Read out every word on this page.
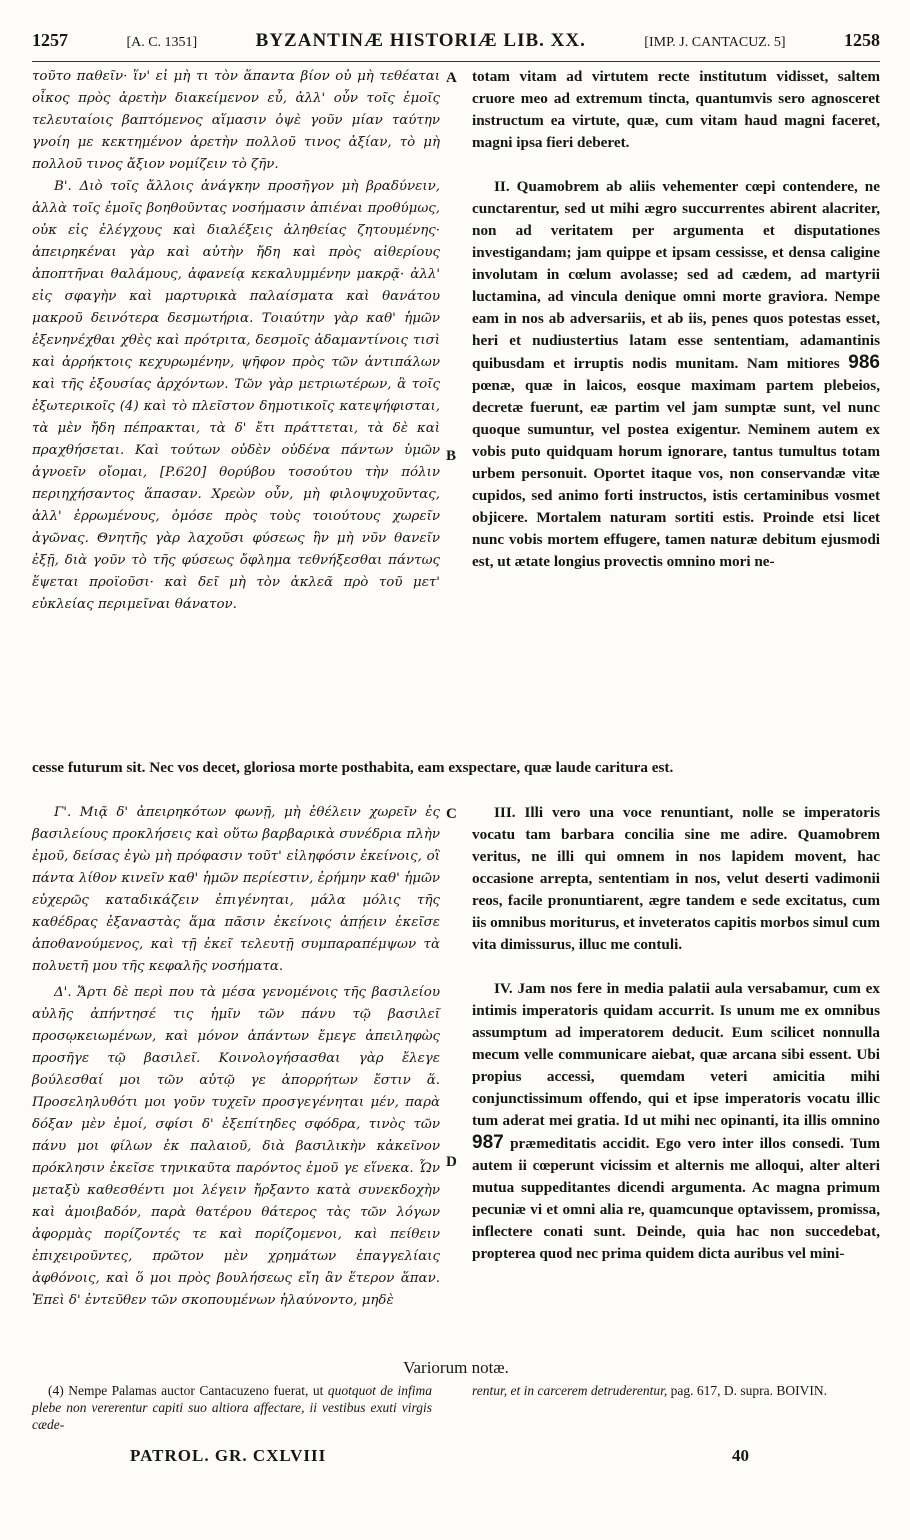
1257	[A. C. 1351]	BYZANTINÆ HISTORIÆ LIB. XX.	[IMP. J. CANTACUZ. 5]	1258

τοῦτο παθεῖν· ἵν' εἰ μὴ τι τὸν ἅπαντα βίον οὐ μὴ τεθέαται οἶκος πρὸς ἀρετὴν διακείμενον εὖ, ἀλλ' οὖν τοῖς ἐμοῖς τελευταίοις βαπτόμενος αἵμασιν ὀψὲ γοῦν μίαν ταύτην γνοίη με κεκτημένον ἀρετὴν πολλοῦ τινος ἀξίαν, τὸ μὴ πολλοῦ τινος ἄξιον νομίζειν τὸ ζῆν.

Β'. Διὸ τοῖς ἄλλοις ἀνάγκην προσῆγον μὴ βραδύνειν, ἀλλὰ τοῖς ἐμοῖς βοηθοῦντας νοσήμασιν ἀπιέναι προθύμως, οὐκ εἰς ἐλέγχους καὶ διαλέξεις ἀληθείας ζητουμένης· ἀπειρηκέναι γὰρ καὶ αὐτὴν ἤδη καὶ πρὸς αἰθερίους ἀποπτῆναι θαλάμους, ἀφανείᾳ κεκαλυμμένην μακρᾷ· ἀλλ' εἰς σφαγὴν καὶ μαρτυρικὰ παλαίσματα καὶ θανάτου μακροῦ δεινότερα δεσμωτήρια. Τοιαύτην γὰρ καθ' ἡμῶν ἐξενηνέχθαι χθὲς καὶ πρότριτα, δεσμοῖς ἀδαμαντίνοις τισὶ καὶ ἀρρήκτοις κεχυρωμένην, ψῆφον πρὸς τῶν ἀντιπάλων καὶ τῆς ἐξουσίας ἀρχόντων. Τῶν γὰρ μετριωτέρων, ἃ τοῖς ἐξωτερικοῖς (4) καὶ τὸ πλεῖστον δημοτικοῖς κατεψήφισται, τὰ μὲν ἤδη πέπρακται, τὰ δ' ἔτι πράττεται, τὰ δὲ καὶ πραχθήσεται. Καὶ τούτων οὐδὲν οὐδένα πάντων ὑμῶν ἀγνοεῖν οἴομαι, [P.620] θορύβου τοσούτου τὴν πόλιν περιηχήσαντος ἅπασαν. Χρεὼν οὖν, μὴ φιλοψυχοῦντας, ἀλλ' ἐρρωμένους, ὁμόσε πρὸς τοὺς τοιούτους χωρεῖν ἀγῶνας. Θνητῆς γὰρ λαχοῦσι φύσεως ἣν μὴ νῦν θανεῖν ἐξῇ, διὰ γοῦν τὸ τῆς φύσεως ὄφλημα τεθνήξεσθαι πάντως ἕψεται προϊοῦσι· καὶ δεῖ μὴ τὸν ἀκλεᾶ πρὸ τοῦ μετ' εὐκλείας περιμεῖναι θάνατον.

totam vitam ad virtutem recte institutum vidisset, saltem cruore meo ad extremum tincta, quantumvis sero agnosceret instructum ea virtute, quæ, cum vitam haud magni faceret, magni ipsa fieri deberet.

II. Quamobrem ab aliis vehementer cœpi contendere, ne cunctarentur, sed ut mihi ægro succurrentes abirent alacriter, non ad veritatem per argumenta et disputationes investigandam; jam quippe et ipsam cessisse, et densa caligine involutam in cœlum avolasse; sed ad cædem, ad martyrii luctamina, ad vincula denique omni morte graviora. Nempe eam in nos ab adversariis, et ab iis, penes quos potestas esset, heri et nudiustertius latam esse sententiam, adamantinis quibusdam et irruptis nodis munitam. Nam mitiores 986 pœnæ, quæ in laicos, eosque maximam partem plebeios, decretæ fuerunt, eæ partim vel jam sumptæ sunt, vel nunc quoque sumuntur, vel postea exigentur. Neminem autem ex vobis puto quidquam horum ignorare, tantus tumultus totam urbem personuit. Oportet itaque vos, non conservandæ vitæ cupidos, sed animo forti instructos, istis certaminibus vosmet objicere. Mortalem naturam sortiti estis. Proinde etsi licet nunc vobis mortem effugere, tamen naturæ debitum ejusmodi est, ut ætate longius provectis omnino mori ne-

A
B
C
D

cesse futurum sit. Nec vos decet, gloriosa morte posthabita, eam exspectare, quæ laude caritura est.

Γ'. Μιᾷ δ' ἀπειρηκότων φωνῇ, μὴ ἐθέλειν χωρεῖν ἐς βασιλείους προκλήσεις καὶ οὕτω βαρβαρικὰ συνέδρια πλὴν ἐμοῦ, δείσας ἐγὼ μὴ πρόφασιν τοῦτ' εἰληφόσιν ἐκείνοις, οἳ πάντα λίθον κινεῖν καθ' ἡμῶν περίεστιν, ἐρήμην καθ' ἡμῶν εὐχερῶς καταδικάζειν ἐπιγένηται, μάλα μόλις τῆς καθέδρας ἐξαναστὰς ἅμα πᾶσιν ἐκείνοις ἀπῄειν ἐκεῖσε ἀποθανούμενος, καὶ τῇ ἐκεῖ τελευτῇ συμπαραπέμψων τὰ πολυετῆ μου τῆς κεφαλῆς νοσήματα.

Δ'. Ἄρτι δὲ περὶ που τὰ μέσα γενομένοις τῆς βασιλείου αὐλῆς ἀπήντησέ τις ἡμῖν τῶν πάνυ τῷ βασιλεῖ προσῳκειωμένων, καὶ μόνον ἁπάντων ἔμεγε ἀπειληφὼς προσῆγε τῷ βασιλεῖ. Κοινολογήσασθαι γὰρ ἔλεγε βούλεσθαί μοι τῶν αὐτῷ γε ἀπορρήτων ἔστιν ἅ. Προσεληλυθότι μοι γοῦν τυχεῖν προσγεγένηται μέν, παρὰ δόξαν μὲν ἐμοί, σφίσι δ' ἐξεπίτηδες σφόδρα, τινὸς τῶν πάνυ μοι φίλων ἐκ παλαιοῦ, διὰ βασιλικὴν κἀκεῖνον πρόκλησιν ἐκεῖσε τηνικαῦτα παρόντος ἐμοῦ γε εἵνεκα. Ὧν μεταξὺ καθεσθέντι μοι λέγειν ἤρξαντο κατὰ συνεκδοχὴν καὶ ἀμοιβαδόν, παρὰ θατέρου θάτερος τὰς τῶν λόγων ἀφορμὰς πορίζοντές τε καὶ πορίζομενοι, καὶ πείθειν ἐπιχειροῦντες, πρῶτον μὲν χρημάτων ἐπαγγελίαις ἀφθόνοις, καὶ ὅ μοι πρὸς βουλήσεως εἴη ἂν ἕτερον ἅπαν. Ἐπεὶ δ' ἐντεῦθεν τῶν σκοπουμένων ἠλαύνοντο, μηδὲ

III. Illi vero una voce renuntiant, nolle se imperatoris vocatu tam barbara concilia sine me adire. Quamobrem veritus, ne illi qui omnem in nos lapidem movent, hac occasione arrepta, sententiam in nos, velut deserti vadimonii reos, facile pronuntiarent, ægre tandem e sede excitatus, cum iis omnibus moriturus, et inveteratos capitis morbos simul cum vita dimissurus, illuc me contuli.

IV. Jam nos fere in media palatii aula versabamur, cum ex intimis imperatoris quidam accurrit. Is unum me ex omnibus assumptum ad imperatorem deducit. Eum scilicet nonnulla mecum velle communicare aiebat, quæ arcana sibi essent. Ubi propius accessi, quemdam veteri amicitia mihi conjunctissimum offendo, qui et ipse imperatoris vocatu illic tum aderat mei gratia. Id ut mihi nec opinanti, ita illis omnino 987 præmeditatis accidit. Ego vero inter illos consedi. Tum autem ii cœperunt vicissim et alternis me alloqui, alter alteri mutua suppeditantes dicendi argumenta. Ac magna primum pecuniæ vi et omni alia re, quamcunque optavissem, promissa, inflectere conati sunt. Deinde, quia hac non succedebat, propterea quod nec prima quidem dicta auribus vel mini-

Variorum notæ.

(4) Nempe Palamas auctor Cantacuzeno fuerat, ut quotquot de infima plebe non vererentur capiti suo altiora affectare, ii vestibus exuti virgis cæde-

rentur, et in carcerem detruderentur, pag. 617, D. supra. BOIVIN.

PATROL. GR. CXLVIII	40
